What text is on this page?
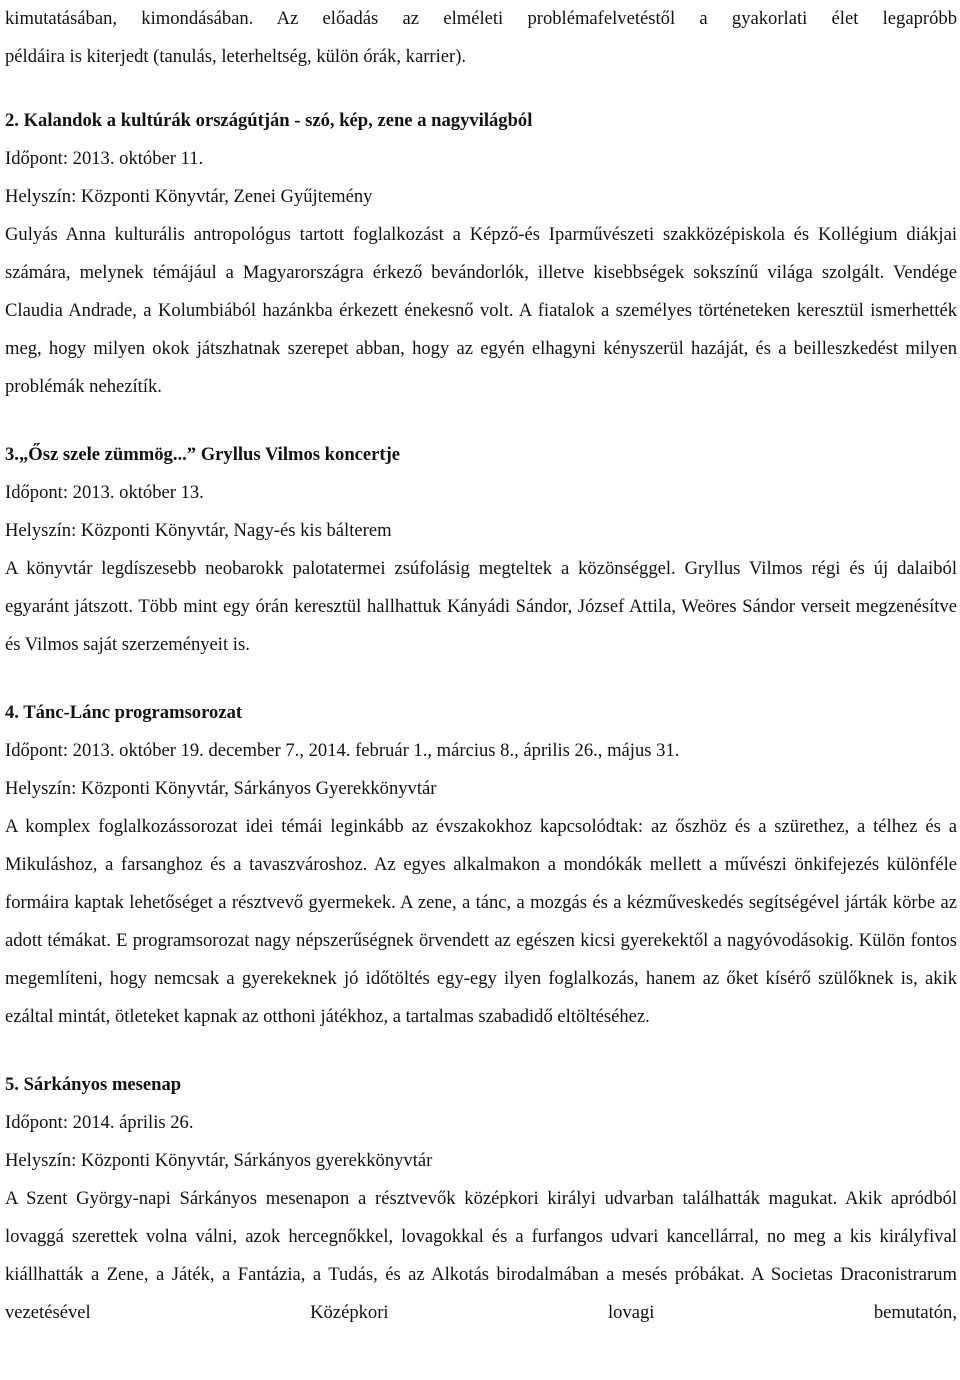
kimutatásában, kimondásában. Az előadás az elméleti problémafelvetéstől a gyakorlati élet legapróbb

példáira is kiterjedt (tanulás, leterheltség, külön órák, karrier).

2. Kalandok a kultúrák országútján - szó, kép, zene a nagyvilágból

Időpont: 2013. október 11.

Helyszín: Központi Könyvtár, Zenei Gyűjtemény

Gulyás Anna kulturális antropológus tartott foglalkozást a Képző-és Iparművészeti szakközépiskola és Kollégium diákjai számára, melynek témájául a Magyarországra érkező bevándorlók, illetve kisebbségek sokszínű világa szolgált. Vendége Claudia Andrade, a Kolumbiából hazánkba érkezett énekesnő volt. A fiatalok a személyes történeteken keresztül ismerhették meg, hogy milyen okok játszhatnak szerepet abban, hogy az egyén elhagyni kényszerül hazáját, és a beilleszkedést milyen problémák nehezítík.

3.„Ősz szele zümmög...” Gryllus Vilmos koncertje

Időpont: 2013. október 13.

Helyszín: Központi Könyvtár, Nagy-és kis bálterem

A könyvtár legdíszesebb neobarokk palotatermei zsúfolásig megteltek a közönséggel. Gryllus Vilmos régi és új dalaiból egyaránt játszott. Több mint egy órán keresztül hallhattuk Kányádi Sándor, József Attila, Weöres Sándor verseit megzenésítve és Vilmos saját szerzeményeit is.

4. Tánc-Lánc programsorozat

Időpont: 2013. október 19. december 7., 2014. február 1., március 8., április 26., május 31.

Helyszín: Központi Könyvtár, Sárkányos Gyerekkönyvtár

A komplex foglalkozássorozat idei témái leginkább az évszakokhoz kapcsolódtak: az őszhöz és a szürethez, a télhez és a Mikuláshoz, a farsanghoz és a tavaszvároshoz. Az egyes alkalmakon a mondókák mellett a művészi önkifejezés különféle formáira kaptak lehetőséget a résztvevő gyermekek. A zene, a tánc, a mozgás és a kézműveskedés segítségével járták körbe az adott témákat. E programsorozat nagy népszerűségnek örvendett az egészen kicsi gyerekektől a nagyóvodásokig. Külön fontos megemlíteni, hogy nemcsak a gyerekeknek jó időtöltés egy-egy ilyen foglalkozás, hanem az őket kísérő szülőknek is, akik ezáltal mintát, ötleteket kapnak az otthoni játékhoz, a tartalmas szabadidő eltöltéséhez.

5. Sárkányos mesenap

Időpont: 2014. április 26.

Helyszín: Központi Könyvtár, Sárkányos gyerekkönyvtár

A Szent György-napi Sárkányos mesenapon a résztvevők középkori királyi udvarban találhatták magukat. Akik apródból lovaggá szerettek volna válni, azok hercegnőkkel, lovagokkal és a furfangos udvari kancellárral, no meg a kis királyfival kiállhatták a Zene, a Játék, a Fantázia, a Tudás, és az Alkotás birodalmában a mesés próbákat. A Societas Draconistrarum vezetésével Középkori lovagi bemutatón,
